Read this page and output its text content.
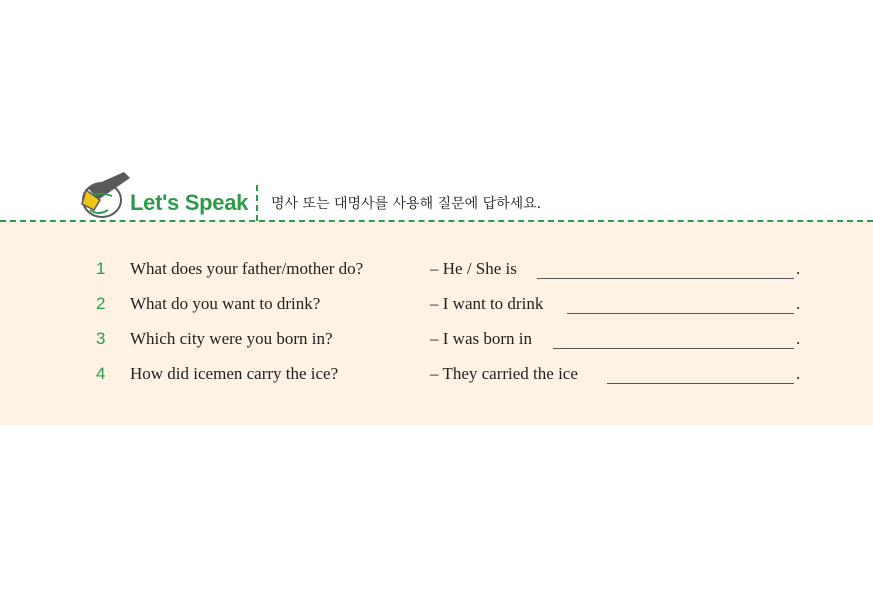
Let's Speak 명사 또는 대명사를 사용해 질문에 답하세요.
1 What does your father/mother do?	– He / She is	.
2 What do you want to drink?	– I want to drink	.
3 Which city were you born in?	– I was born in	.
4 How did icemen carry the ice?	– They carried the ice	.
